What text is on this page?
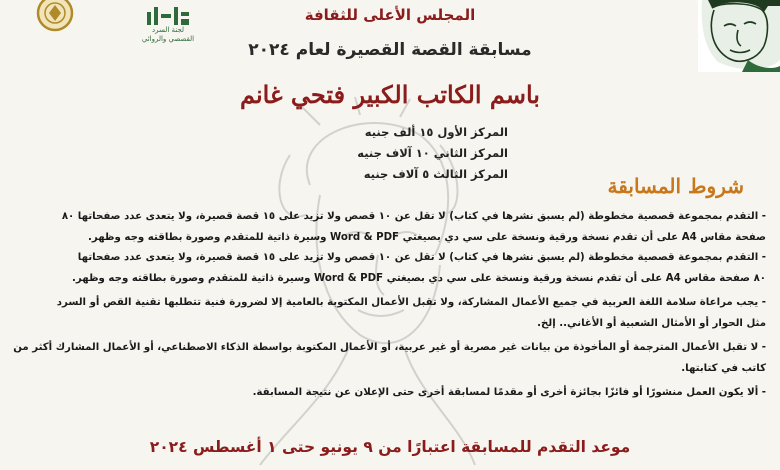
لجنة السرد القصصي والروائي
المجلس الأعلى للثقافة
مسابقة القصة القصيرة لعام ٢٠٢٤
باسم الكاتب الكبير فتحي غانم
المركز الأول ١٥ ألف جنيه
المركز الثاني ١٠ آلاف جنيه
المركز الثالث ٥ آلاف جنيه	شروط المسابقة
- التقدم بمجموعة قصصية مخطوطة (لم يسبق نشرها في كتاب) لا تقل عن ١٠ قصص ولا تزيد على ١٥ قصة قصيرة، ولا يتعدى عدد صفحاتها ٨٠
صفحة مقاس A4 على أن تقدم نسخة ورقية ونسخة على سي دي بصيغتي Word & PDF وسيرة ذاتية للمتقدم وصورة بطاقته وجه وظهر.
- التقدم بمجموعة قصصية مخطوطة (لم يسبق نشرها في كتاب) لا تقل عن ١٠ قصص ولا تزيد على ١٥ قصة قصيرة، ولا يتعدى عدد صفحاتها
٨٠ صفحة مقاس A4 على أن تقدم نسخة ورقية ونسخة على سي دي بصيغتي Word & PDF وسيرة ذاتية للمتقدم وصورة بطاقته وجه وظهر.
- يجب مراعاة سلامة اللغة العربية في جميع الأعمال المشاركة، ولا تقبل الأعمال المكتوبة بالعامية إلا لضرورة فنية تتطلبها تقنية القص أو السرد
مثل الحوار أو الأمثال الشعبية أو الأغاني.. إلخ.
- لا تقبل الأعمال المترجمة أو المأخوذة من بيانات غير مصرية أو غير عربية، أو الأعمال المكتوبة بواسطة الذكاء الاصطناعي، أو الأعمال المشارك أكثر من
كاتب في كتابتها.
- ألا يكون العمل منشورًا أو فائزًا بجائزة أخرى أو مقدمًا لمسابقة أخرى حتى الإعلان عن نتيجة المسابقة.
موعد التقدم للمسابقة اعتبارًا من ٩ يونيو حتى ١ أغسطس ٢٠٢٤
